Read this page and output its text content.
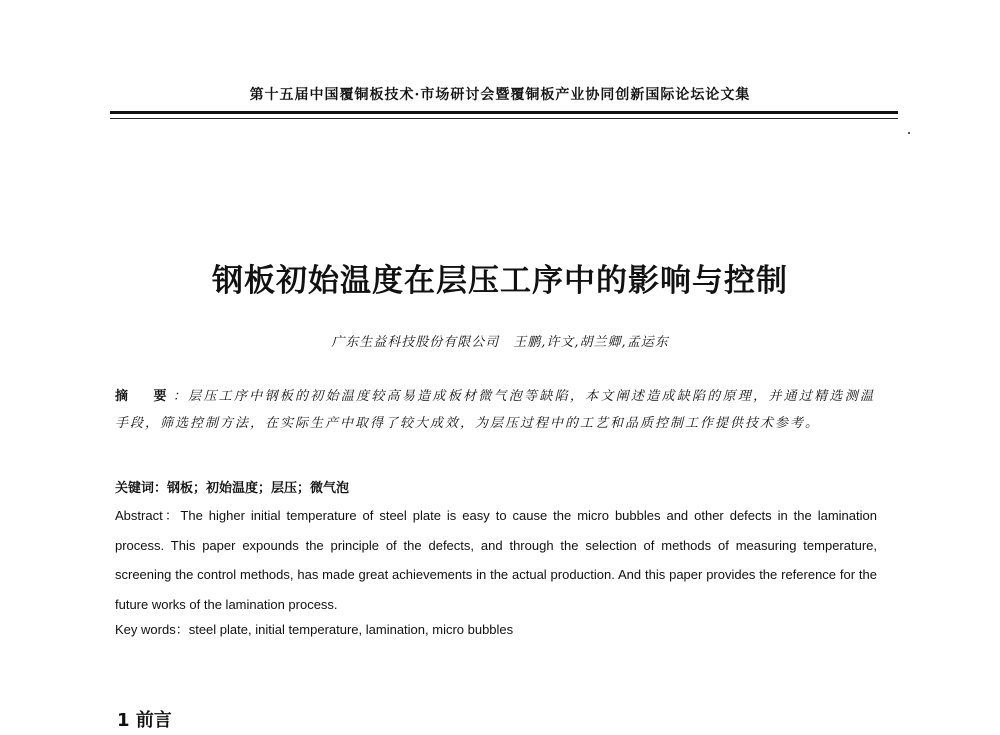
第十五届中国覆铜板技术·市场研讨会暨覆铜板产业协同创新国际论坛论文集
钢板初始温度在层压工序中的影响与控制
广东生益科技股份有限公司　王鹏,许文,胡兰卿,孟运东
摘　要：层压工序中钢板的初始温度较高易造成板材微气泡等缺陷，本文阐述造成缺陷的原理，并通过精选测温手段，筛选控制方法，在实际生产中取得了较大成效，为层压过程中的工艺和品质控制工作提供技术参考。
关键词：钢板；初始温度；层压；微气泡
Abstract：The higher initial temperature of steel plate is easy to cause the micro bubbles and other defects in the lamination process. This paper expounds the principle of the defects, and through the selection of methods of measuring temperature, screening the control methods, has made great achievements in the actual production. And this paper provides the reference for the future works of the lamination process.
Key words：steel plate, initial temperature, lamination, micro bubbles
1 前言
